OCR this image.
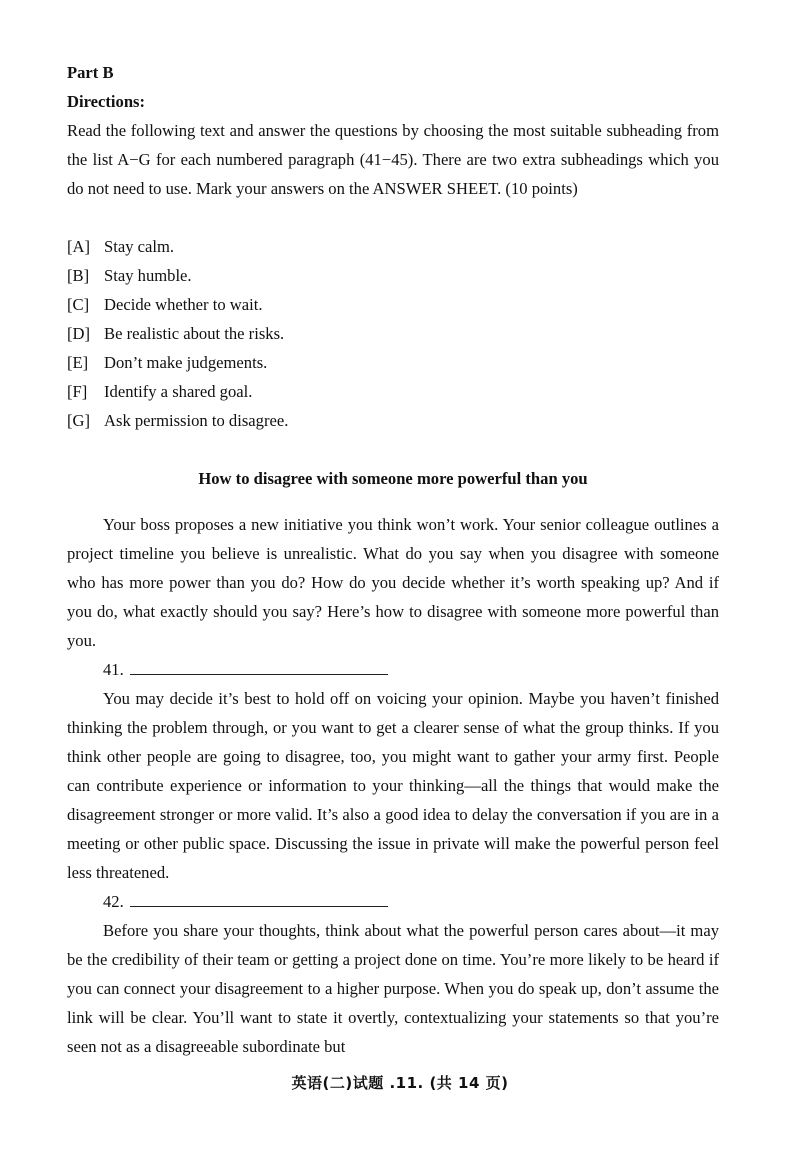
Part B

Directions:

Read the following text and answer the questions by choosing the most suitable subheading from the list A−G for each numbered paragraph (41−45). There are two extra subheadings which you do not need to use. Mark your answers on the ANSWER SHEET. (10 points)

[A] Stay calm.

[B] Stay humble.

[C] Decide whether to wait.

[D] Be realistic about the risks.

[E] Don’t make judgements.

[F] Identify a shared goal.

[G] Ask permission to disagree.

How to disagree with someone more powerful than you

Your boss proposes a new initiative you think won’t work. Your senior colleague outlines a project timeline you believe is unrealistic. What do you say when you disagree with someone who has more power than you do? How do you decide whether it’s worth speaking up? And if you do, what exactly should you say? Here’s how to disagree with someone more powerful than you.

41.

You may decide it’s best to hold off on voicing your opinion. Maybe you haven’t finished thinking the problem through, or you want to get a clearer sense of what the group thinks. If you think other people are going to disagree, too, you might want to gather your army first. People can contribute experience or information to your thinking—all the things that would make the disagreement stronger or more valid. It’s also a good idea to delay the conversation if you are in a meeting or other public space. Discussing the issue in private will make the powerful person feel less threatened.

42.

Before you share your thoughts, think about what the powerful person cares about—it may be the credibility of their team or getting a project done on time. You’re more likely to be heard if you can connect your disagreement to a higher purpose. When you do speak up, don’t assume the link will be clear. You’ll want to state it overtly, contextualizing your statements so that you’re seen not as a disagreeable subordinate but

英语(二)试题 .11. (共 14 页)
